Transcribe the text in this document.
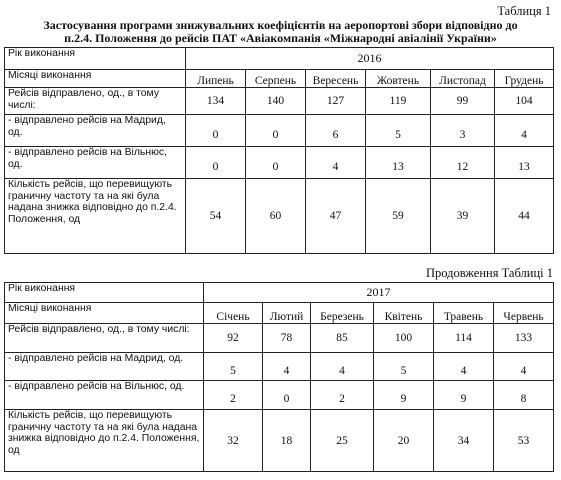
Таблиця 1
Застосування програми знижувальних коефіцієнтів на аеропортові збори відповідно до
п.2.4. Положення до рейсів ПАТ «Авіакомпанія «Міжнародні авіалінії України»
Рік виконання	2016					
Місяці виконання	Липень	Серпень	Вересень	Жовтень	Листопад	Грудень
Рейсів відправлено, од., в тому числі:	134	140	127	119	99	104
- відправлено рейсів на Мадрид, од.	0	0	6	5	3	4
- відправлено рейсів на Вільнюс, од.	0	0	4	13	12	13
Кількість рейсів, що перевищують граничну частоту та на які була надана знижка відповідно до п.2.4. Положення, од	54	60	47	59	39	44
Продовження Таблиці 1
Рік виконання	2017					
Місяці виконання	Січень	Лютий	Березень	Квітень	Травень	Червень
Рейсів відправлено, од., в тому числі:	92	78	85	100	114	133
- відправлено рейсів на Мадрид, од.	5	4	4	5	4	4
- відправлено рейсів на Вільнюс, од.	2	0	2	9	9	8
Кількість рейсів, що перевищують граничну частоту та на які була надана знижка відповідно до п.2.4. Положення, од	32	18	25	20	34	53
